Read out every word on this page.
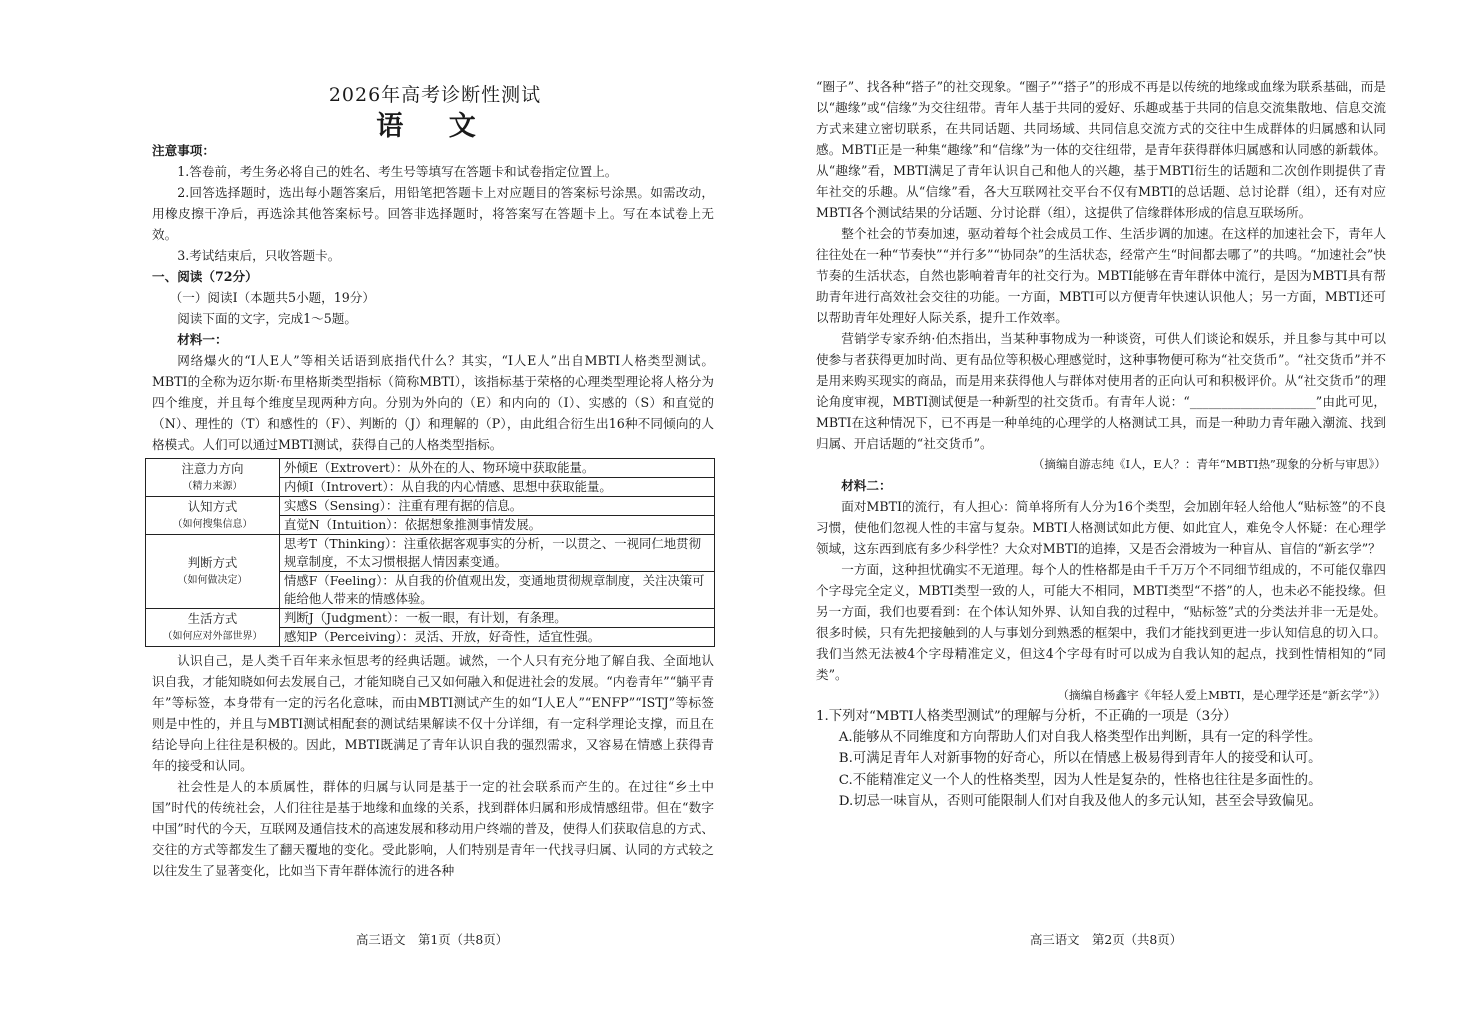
2026年高考诊断性测试
语 文

注意事项：

1.答卷前，考生务必将自己的姓名、考生号等填写在答题卡和试卷指定位置上。

2.回答选择题时，选出每小题答案后，用铅笔把答题卡上对应题目的答案标号涂黑。如需改动，用橡皮擦干净后，再选涂其他答案标号。回答非选择题时，将答案写在答题卡上。写在本试卷上无效。

3.考试结束后，只收答题卡。

一、阅读（72分）

（一）阅读Ⅰ（本题共5小题，19分）

阅读下面的文字，完成1～5题。

材料一：

网络爆火的“I人E人”等相关话语到底指代什么？其实，“I人E人”出自MBTI人格类型测试。MBTI的全称为迈尔斯·布里格斯类型指标（简称MBTI），该指标基于荣格的心理类型理论将人格分为四个维度，并且每个维度呈现两种方向。分别为外向的（E）和内向的（I）、实感的（S）和直觉的（N）、理性的（T）和感性的（F）、判断的（J）和理解的（P），由此组合衍生出16种不同倾向的人格模式。人们可以通过MBTI测试，获得自己的人格类型指标。

注意力方向
（精力来源）	外倾E（Extrovert）：从外在的人、物环境中获取能量。
	内倾I（Introvert）：从自我的内心情感、思想中获取能量。

认知方式
（如何搜集信息）	实感S（Sensing）：注重有理有据的信息。
	直觉N（Intuition）：依据想象推测事情发展。

判断方式
（如何做决定）	思考T（Thinking）：注重依据客观事实的分析，一以贯之、一视同仁地贯彻规章制度，不太习惯根据人情因素变通。
	情感F（Feeling）：从自我的价值观出发，变通地贯彻规章制度，关注决策可能给他人带来的情感体验。

生活方式
（如何应对外部世界）	判断J（Judgment）：一板一眼，有计划，有条理。
	感知P（Perceiving）：灵活、开放，好奇性，适宜性强。

认识自己，是人类千百年来永恒思考的经典话题。诚然，一个人只有充分地了解自我、全面地认识自我，才能知晓如何去发展自己，才能知晓自己又如何融入和促进社会的发展。“内卷青年”“躺平青年”等标签，本身带有一定的污名化意味，而由MBTI测试产生的如“I人E人”“ENFP”“ISTJ”等标签则是中性的，并且与MBTI测试相配套的测试结果解读不仅十分详细，有一定科学理论支撑，而且在结论导向上往往是积极的。因此，MBTI既满足了青年认识自我的强烈需求，又容易在情感上获得青年的接受和认同。

社会性是人的本质属性，群体的归属与认同是基于一定的社会联系而产生的。在过往“乡土中国”时代的传统社会，人们往往是基于地缘和血缘的关系，找到群体归属和形成情感纽带。但在“数字中国”时代的今天，互联网及通信技术的高速发展和移动用户终端的普及，使得人们获取信息的方式、交往的方式等都发生了翻天覆地的变化。受此影响，人们特别是青年一代找寻归属、认同的方式较之以往发生了显著变化，比如当下青年群体流行的进各种

高三语文　第1页（共8页）

“圈子”、找各种“搭子”的社交现象。“圈子”“搭子”的形成不再是以传统的地缘或血缘为联系基础，而是以“趣缘”或“信缘”为交往纽带。青年人基于共同的爱好、乐趣或基于共同的信息交流集散地、信息交流方式来建立密切联系，在共同话题、共同场域、共同信息交流方式的交往中生成群体的归属感和认同感。MBTI正是一种集“趣缘”和“信缘”为一体的交往纽带，是青年获得群体归属感和认同感的新载体。从“趣缘”看，MBTI满足了青年认识自己和他人的兴趣，基于MBTI衍生的话题和二次创作則提供了青年社交的乐趣。从“信缘”看，各大互联网社交平台不仅有MBTI的总话题、总讨论群（组），还有对应MBTI各个测试结果的分话题、分讨论群（组），这提供了信缘群体形成的信息互联场所。

整个社会的节奏加速，驱动着每个社会成员工作、生活步调的加速。在这样的加速社会下，青年人往往处在一种“节奏快”“并行多”“协同杂”的生活状态，经常产生“时间都去哪了”的共鸣。“加速社会”快节奏的生活状态，自然也影响着青年的社交行为。MBTI能够在青年群体中流行，是因为MBTI具有帮助青年进行高效社会交往的功能。一方面，MBTI可以方便青年快速认识他人；另一方面，MBTI还可以帮助青年处理好人际关系，提升工作效率。

营销学专家乔纳·伯杰指出，当某种事物成为一种谈资，可供人们谈论和娱乐，并且参与其中可以使参与者获得更加时尚、更有品位等积极心理感觉时，这种事物便可称为“社交货币”。“社交货币”并不是用来购买现实的商品，而是用来获得他人与群体对使用者的正向认可和积极评价。从“社交货币”的理论角度审视，MBTI测试便是一种新型的社交货币。有青年人说：“____________________”由此可见，MBTI在这种情况下，已不再是一种单纯的心理学的人格测试工具，而是一种助力青年融入潮流、找到归属、开启话题的“社交货币”。

（摘编自游志纯《I人，E人？：青年“MBTI热”现象的分析与审思》）

材料二：

面对MBTI的流行，有人担心：简单将所有人分为16个类型，会加剧年轻人给他人“贴标签”的不良习惯，使他们忽视人性的丰富与复杂。MBTI人格测试如此方便、如此宜人，难免令人怀疑：在心理学领域，这东西到底有多少科学性？大众对MBTI的追捧，又是否会滑坡为一种盲从、盲信的“新玄学”？

一方面，这种担忧确实不无道理。每个人的性格都是由千千万万个不同细节组成的，不可能仅靠四个字母完全定义，MBTI类型一致的人，可能大不相同，MBTI类型“不搭”的人，也未必不能投缘。但另一方面，我们也要看到：在个体认知外界、认知自我的过程中，“贴标签”式的分类法并非一无是处。很多时候，只有先把接触到的人与事划分到熟悉的框架中，我们才能找到更进一步认知信息的切入口。我们当然无法被4个字母精准定义，但这4个字母有时可以成为自我认知的起点，找到性情相知的“同类”。

（摘编自杨鑫宇《年轻人爱上MBTI，是心理学还是“新玄学”》）

1.下列对“MBTI人格类型测试”的理解与分析，不正确的一项是（3分）

A.能够从不同维度和方向帮助人们对自我人格类型作出判断，具有一定的科学性。

B.可满足青年人对新事物的好奇心，所以在情感上极易得到青年人的接受和认可。

C.不能精准定义一个人的性格类型，因为人性是复杂的，性格也往往是多面性的。

D.切忌一味盲从，否则可能限制人们对自我及他人的多元认知，甚至会导致偏见。

高三语文　第2页（共8页）
